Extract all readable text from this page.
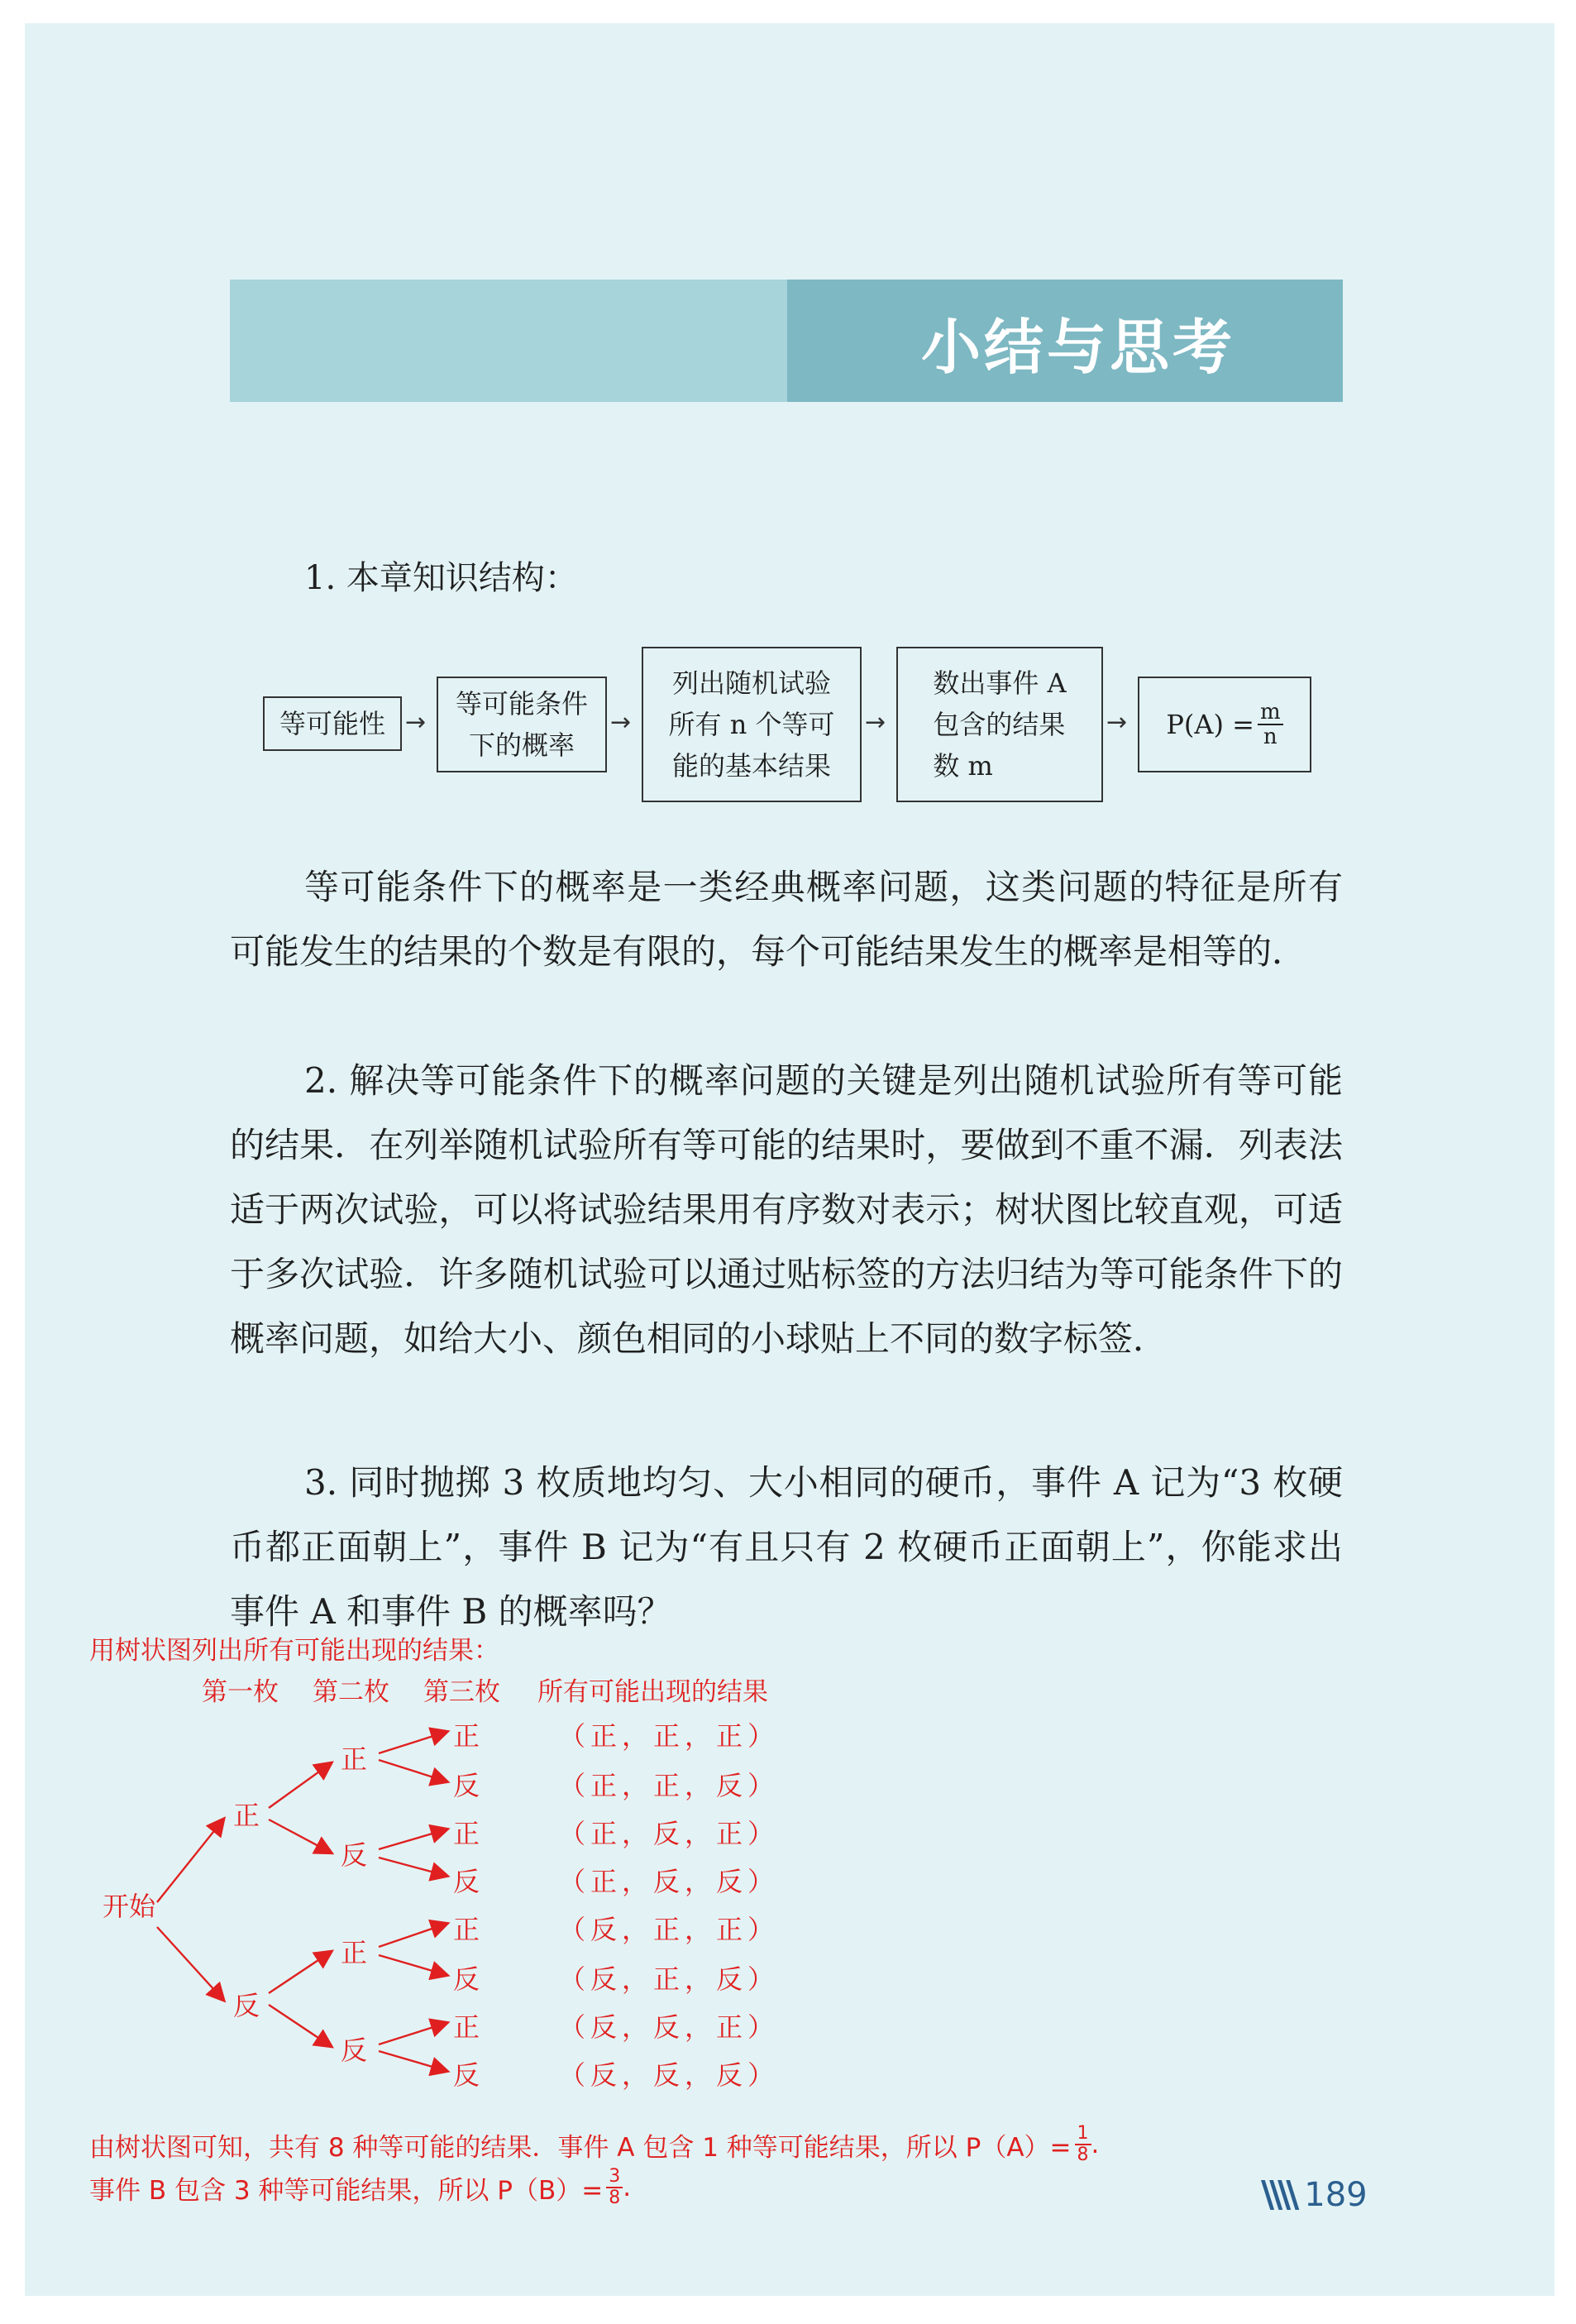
小结与思考
1. 本章知识结构：
等可能性 →
等可能条件
下的概率
→
列出随机试验
所有 n 个等可
能的基本结果
→
数出事件 A
包含的结果
数 m
→ $P(A) = \frac{m}{n}$
等可能条件下的概率是一类经典概率问题，这类问题的特征是所有可能发生的结果的个数是有限的，每个可能结果发生的概率是相等的．
2. 解决等可能条件下的概率问题的关键是列出随机试验所有等可能的结果．在列举随机试验所有等可能的结果时，要做到不重不漏．列表法适于两次试验，可以将试验结果用有序数对表示；树状图比较直观，可适于多次试验．许多随机试验可以通过贴标签的方法归结为等可能条件下的概率问题，如给大小、颜色相同的小球贴上不同的数字标签．
3. 同时抛掷 3 枚质地均匀、大小相同的硬币，事件 A 记为“3 枚硬币都正面朝上”，事件 B 记为“有且只有 2 枚硬币正面朝上”，你能求出事件 A 和事件 B 的概率吗？
用树状图列出所有可能出现的结果：
第一枚 第二枚 第三枚 所有可能出现的结果
开始
正
反
正
反
正
反
正
反
正
反
正
反
正
反
（正，正，正）
（正，正，反）
（正，反，正）
（正，反，反）
（反，正，正）
（反，正，反）
（反，反，正）
（反，反，反）
由树状图可知，共有 8 种等可能的结果．事件 A 包含 1 种等可能结果，所以 $P(A)= \frac{1}{8}$ .
事件 B 包含 3 种等可能结果，所以 $P(B)= \frac{3}{8}$ .	\\\\ 189
